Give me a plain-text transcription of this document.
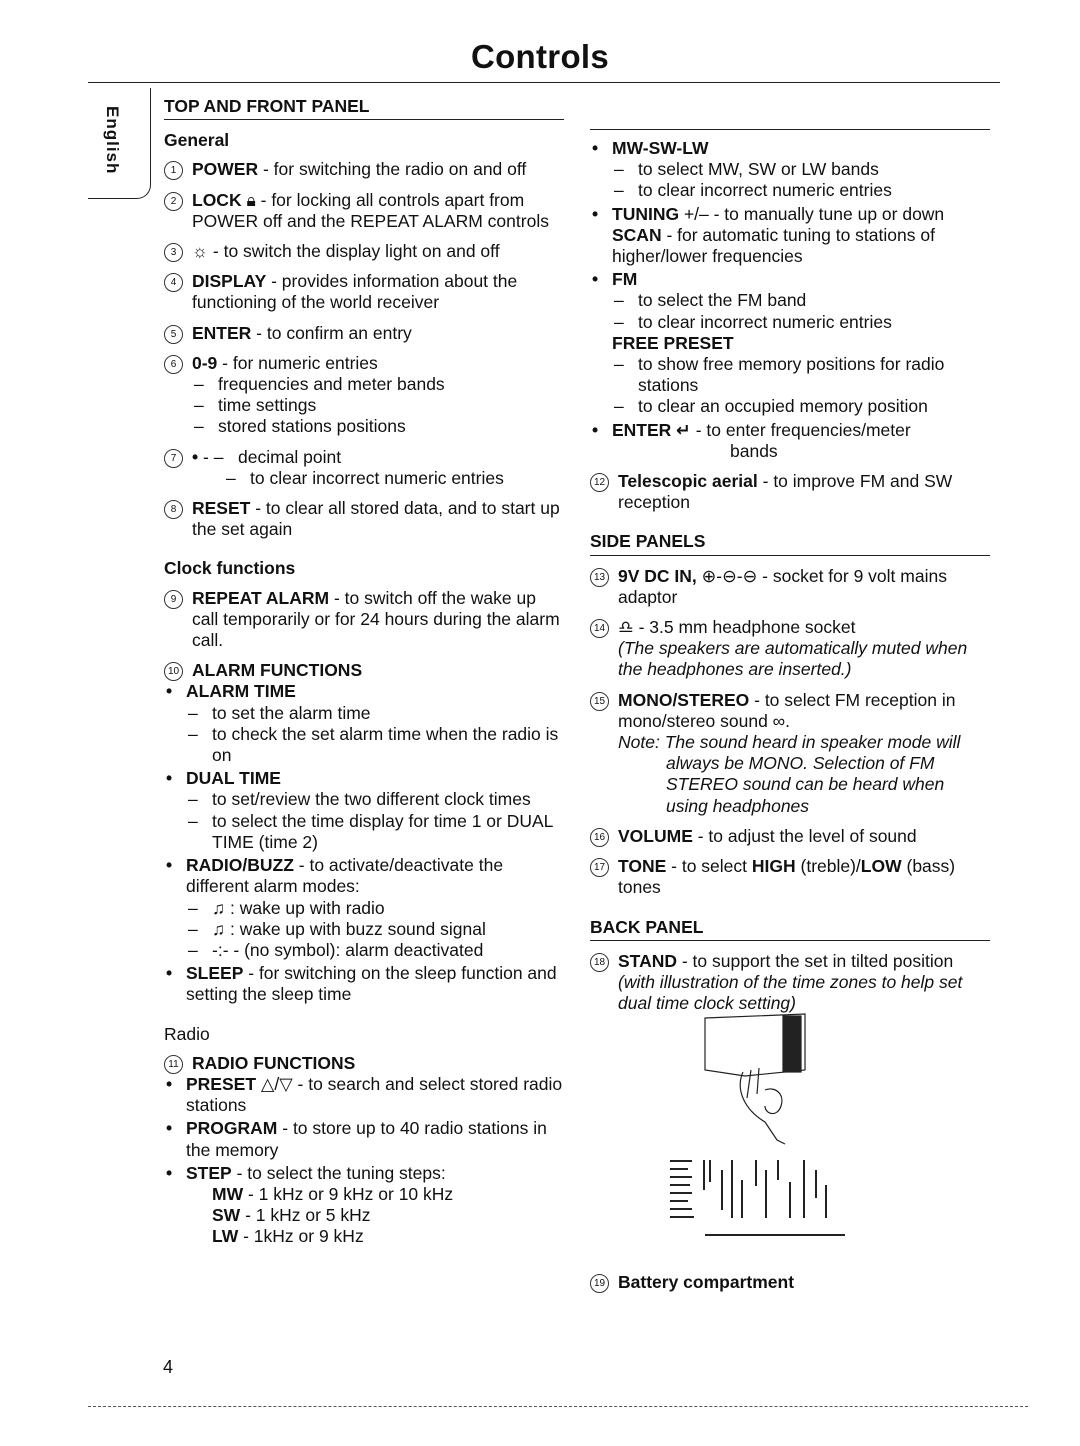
Controls
English TOP AND FRONT PANEL
General
1 POWER - for switching the radio on and off
2 LOCK 🔒︎ - for locking all controls apart from POWER off and the REPEAT ALARM controls
3 ☼ - to switch the display light on and off
4 DISPLAY - provides information about the functioning of the world receiver
5 ENTER - to confirm an entry
6 0-9 - for numeric entries
– frequencies and meter bands
– time settings
– stored stations positions
7 • - –   decimal point
– to clear incorrect numeric entries
8 RESET - to clear all stored data, and to start up the set again
Clock functions
9 REPEAT ALARM - to switch off the wake up call temporarily or for 24 hours during the alarm call.
10 ALARM FUNCTIONS
• ALARM TIME
– to set the alarm time
– to check the set alarm time when the radio is on
• DUAL TIME
– to set/review the two different clock times
– to select the time display for time 1 or DUAL TIME (time 2)
• RADIO/BUZZ - to activate/deactivate the different alarm modes:
– ♫ : wake up with radio
– ♫ : wake up with buzz sound signal
– -:- - (no symbol): alarm deactivated
• SLEEP - for switching on the sleep function and setting the sleep time
Radio
11 RADIO FUNCTIONS
• PRESET △/▽ - to search and select stored radio stations
• PROGRAM - to store up to 40 radio stations in the memory
• STEP - to select the tuning steps:
MW - 1 kHz or 9 kHz or 10 kHz
SW - 1 kHz or 5 kHz
LW - 1kHz or 9 kHz
• MW-SW-LW
– to select MW, SW or LW bands
– to clear incorrect numeric entries
• TUNING +/– - to manually tune up or down
SCAN - for automatic tuning to stations of higher/lower frequencies
• FM
– to select the FM band
– to clear incorrect numeric entries
FREE PRESET
– to show free memory positions for radio stations
– to clear an occupied memory position
• ENTER ↵ - to enter frequencies/meter
bands
12 Telescopic aerial - to improve FM and SW reception
SIDE PANELS
13 9V DC IN, ⊕-⊖-⊖ - socket for 9 volt mains adaptor
14 ♎ - 3.5 mm headphone socket
(The speakers are automatically muted when the headphones are inserted.)
15 MONO/STEREO - to select FM reception in mono/stereo sound ∞.
Note: The sound heard in speaker mode will always be MONO. Selection of FM STEREO sound can be heard when using headphones
16 VOLUME - to adjust the level of sound
17 TONE - to select HIGH (treble)/LOW (bass) tones
BACK PANEL
18 STAND - to support the set in tilted position (with illustration of the time zones to help set dual time clock setting)
19 Battery compartment
4
